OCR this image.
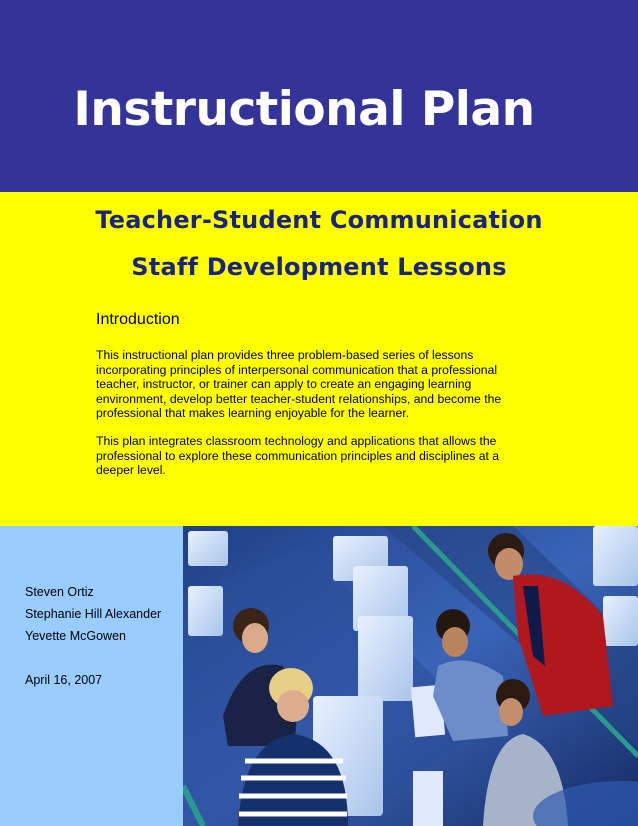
Instructional Plan
Teacher-Student Communication
Staff Development Lessons
Introduction

This instructional plan provides three problem-based series of lessons incorporating principles of interpersonal communication that a professional teacher, instructor, or trainer can apply to create an engaging learning environment, develop better teacher-student relationships, and become the professional that makes learning enjoyable for the learner.

This plan integrates classroom technology and applications that allows the professional to explore these communication principles and disciplines at a deeper level.

Steven Ortiz

Stephanie Hill Alexander

Yevette McGowen

April 16, 2007
